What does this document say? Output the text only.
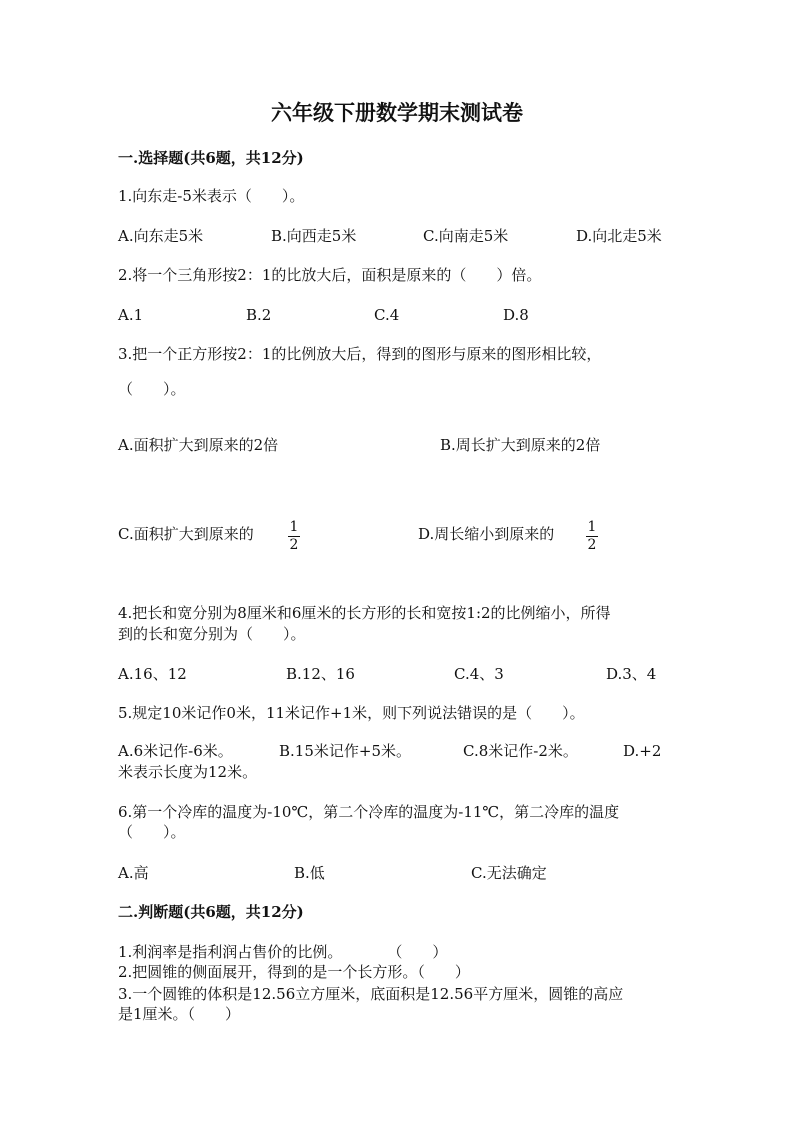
六年级下册数学期末测试卷
一.选择题(共6题，共12分)
1.向东走-5米表示（　　）。
A.向东走5米	B.向西走5米	C.向南走5米	D.向北走5米
2.将一个三角形按2：1的比放大后，面积是原来的（　　）倍。
A.1	B.2	C.4	D.8
3.把一个正方形按2：1的比例放大后，得到的图形与原来的图形相比较，
（　　）。
A.面积扩大到原来的2倍	B.周长扩大到原来的2倍
C.面积扩大到原来的	1
2
D.周长缩小到原来的 1
2
4.把长和宽分别为8厘米和6厘米的长方形的长和宽按1:2的比例缩小，所得
到的长和宽分别为（　　）。
A.16、12	B.12、16	C.4、3	D.3、4
5.规定10米记作0米，11米记作+1米，则下列说法错误的是（　　）。
A.6米记作-6米。	B.15米记作+5米。	C.8米记作-2米。	D.+2
米表示长度为12米。
6.第一个冷库的温度为-10℃，第二个冷库的温度为-11℃，第二冷库的温度
（　　）。
A.高	B.低	C.无法确定
二.判断题(共6题，共12分)
1.利润率是指利润占售价的比例。　　　　（　　）
2.把圆锥的侧面展开，得到的是一个长方形。（　　）
3.一个圆锥的体积是12.56立方厘米，底面积是12.56平方厘米，圆锥的高应
是1厘米。（　　）
